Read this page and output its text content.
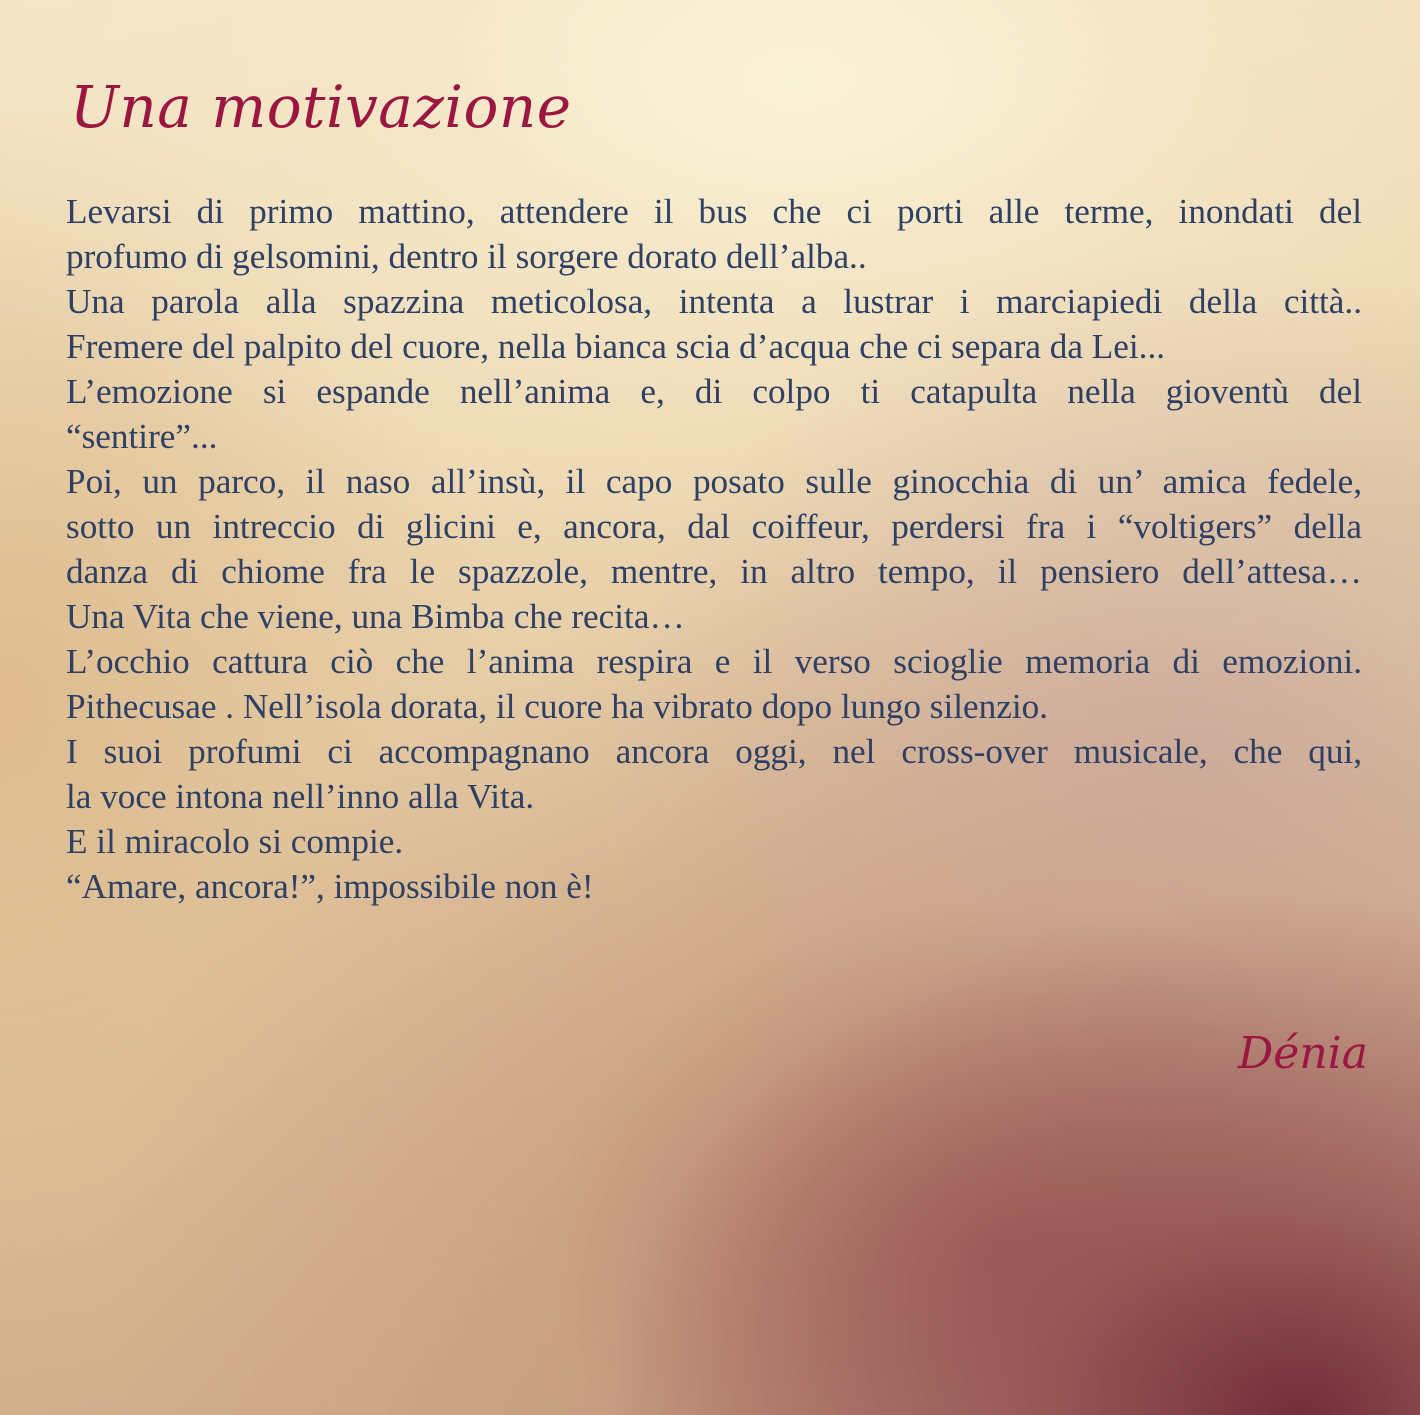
Una motivazione
Levarsi di primo mattino, attendere il bus che ci porti alle terme, inondati del
profumo di gelsomini, dentro il sorgere dorato dell’alba..
Una parola alla spazzina meticolosa, intenta a lustrar i marciapiedi della città..
Fremere del palpito del cuore, nella bianca scia d’acqua che ci separa da Lei...
L’emozione si espande nell’anima e, di colpo ti catapulta nella gioventù del
“sentire”...
Poi, un parco, il naso all’insù, il capo posato sulle ginocchia di un’ amica fedele,
sotto un intreccio di glicini e, ancora, dal coiffeur, perdersi fra i “voltigers” della
danza di chiome fra le spazzole, mentre, in altro tempo, il pensiero dell’attesa…
Una Vita che viene, una Bimba che recita…
L’occhio cattura ciò che l’anima respira e il verso scioglie memoria di emozioni.
Pithecusae . Nell’isola dorata, il cuore ha vibrato dopo lungo silenzio.
I suoi profumi ci accompagnano ancora oggi, nel cross-over musicale, che qui,
la voce intona nell’inno alla Vita.
E il miracolo si compie.
“Amare, ancora!”, impossibile non è!

Dénia
